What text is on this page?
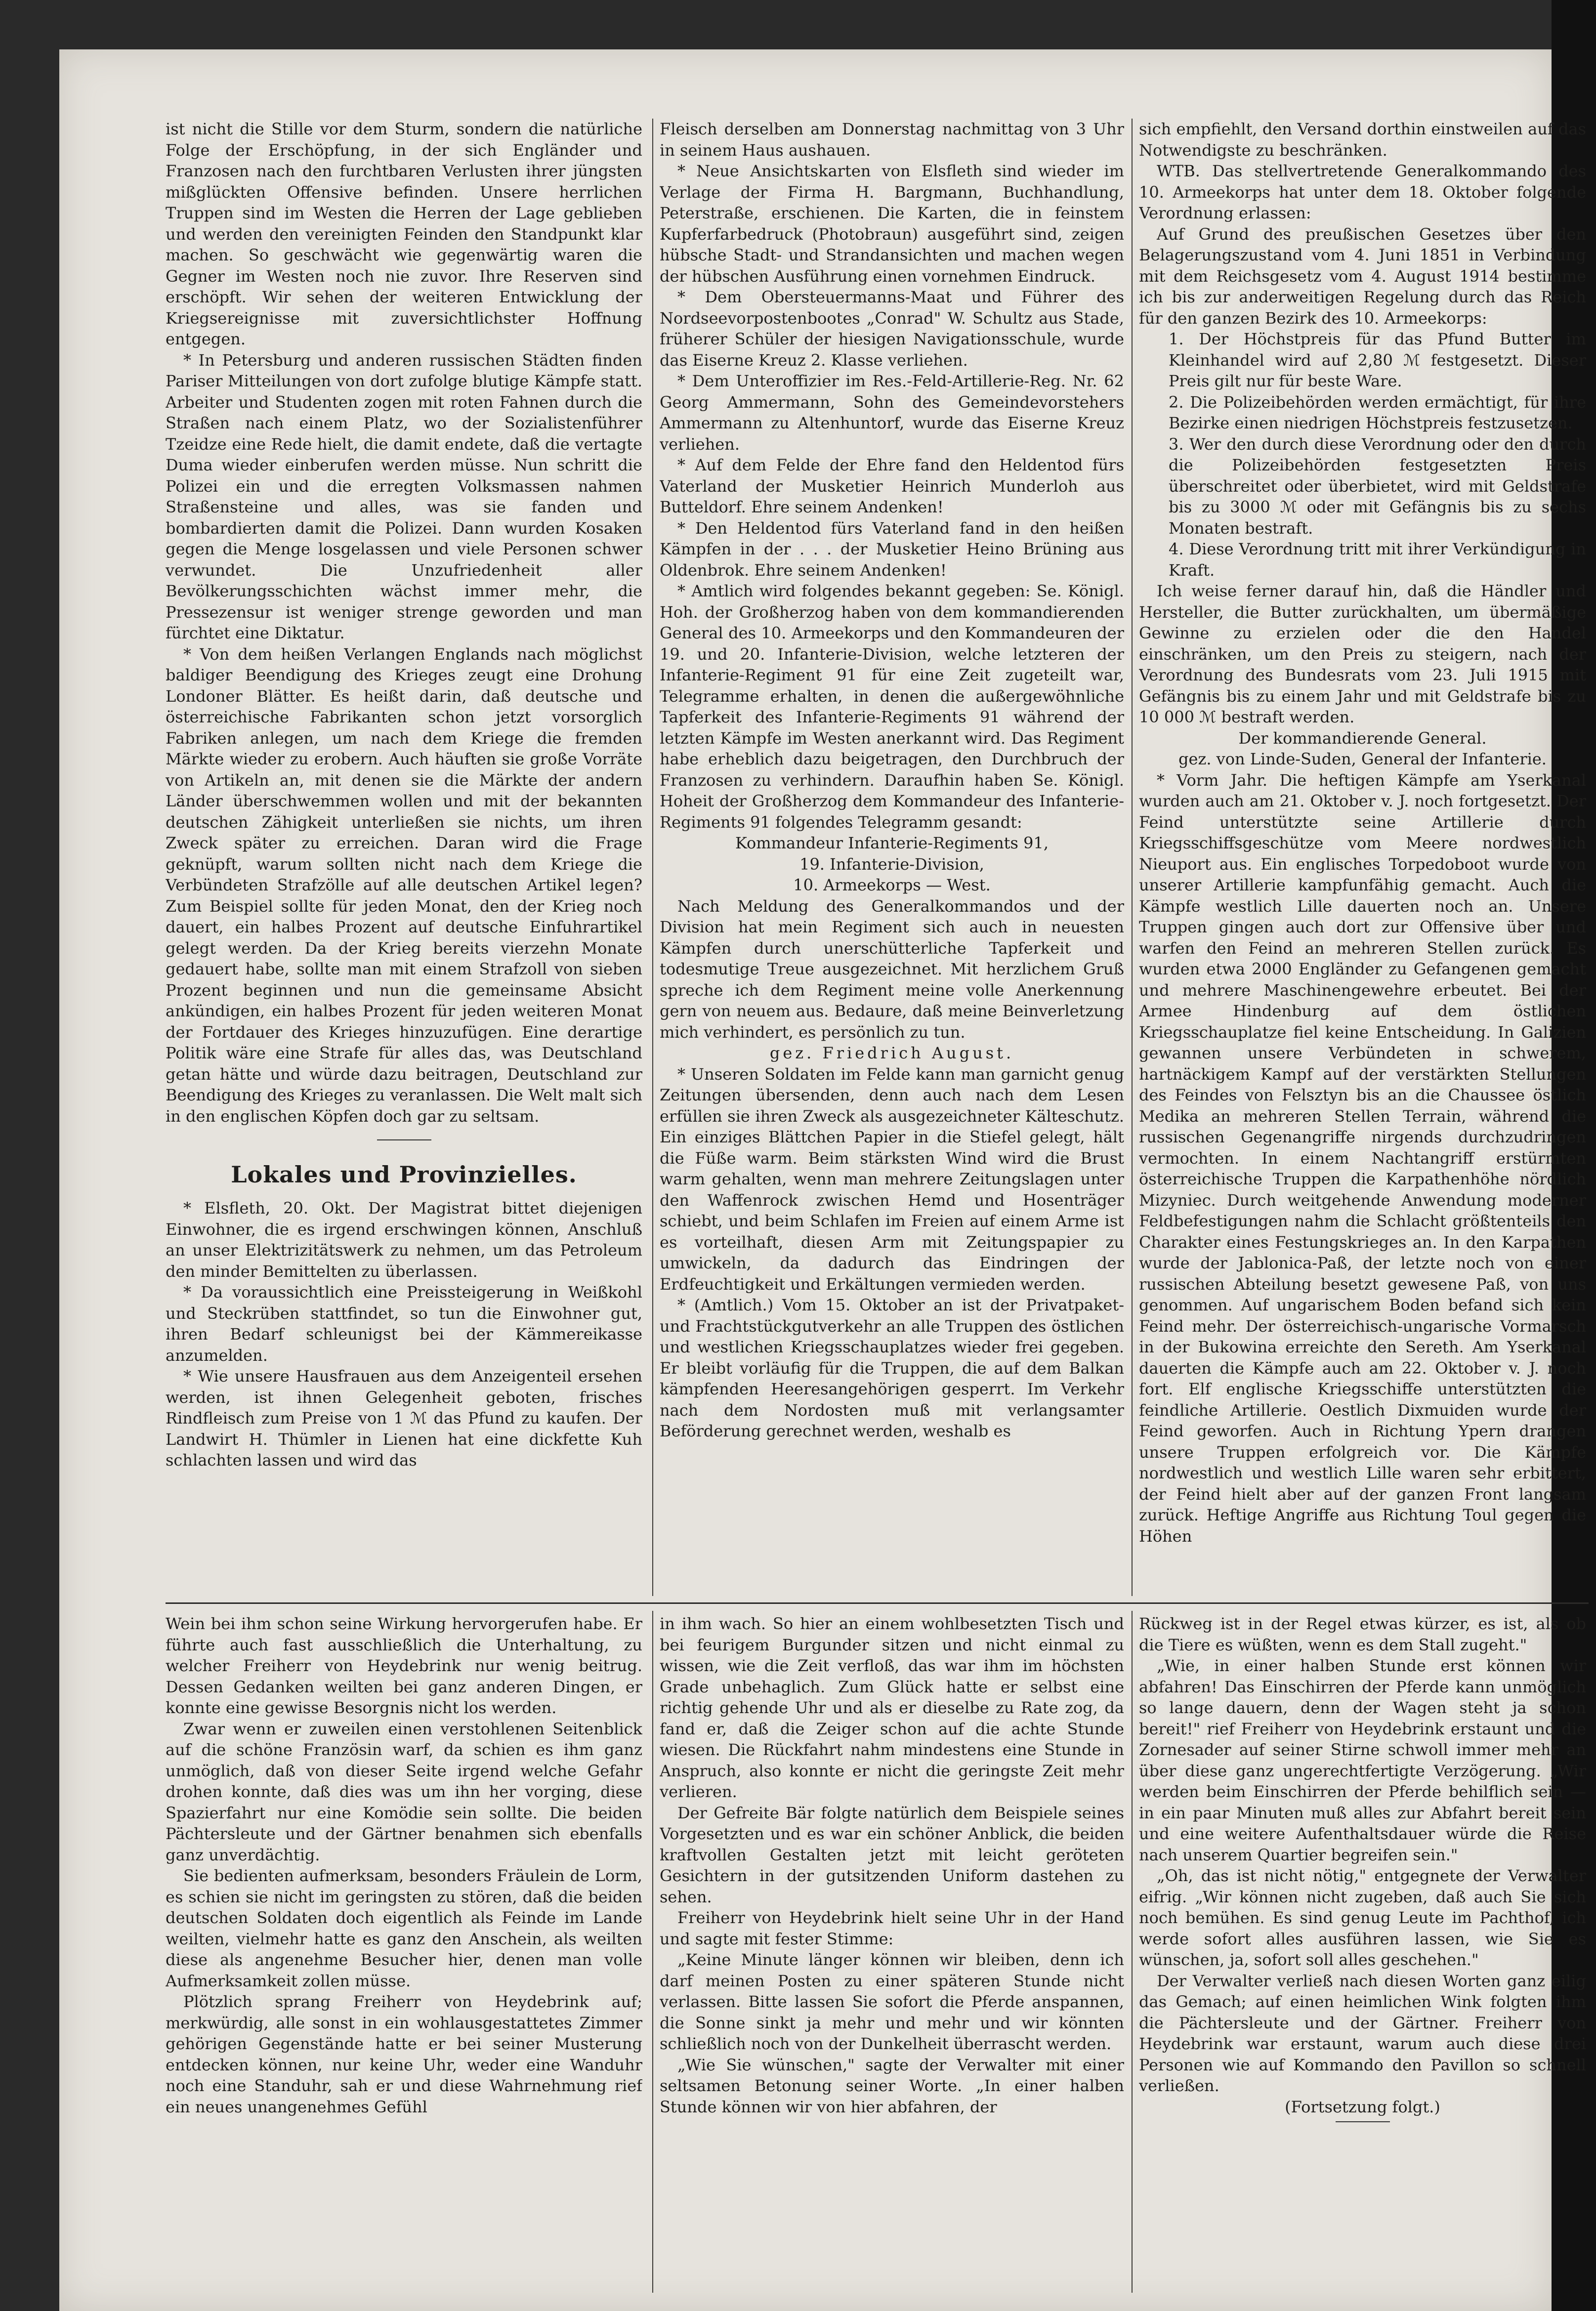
ist nicht die Stille vor dem Sturm, sondern die natürliche Folge der Erschöpfung, in der sich Engländer und Franzosen nach den furchtbaren Verlusten ihrer jüngsten mißglückten Offensive befinden. Unsere herrlichen Truppen sind im Westen die Herren der Lage geblieben und werden den vereinigten Feinden den Standpunkt klar machen. So geschwächt wie gegenwärtig waren die Gegner im Westen noch nie zuvor. Ihre Reserven sind erschöpft. Wir sehen der weiteren Entwicklung der Kriegsereignisse mit zuversichtlichster Hoffnung entgegen.

* In Petersburg und anderen russischen Städten finden Pariser Mitteilungen von dort zufolge blutige Kämpfe statt. Arbeiter und Studenten zogen mit roten Fahnen durch die Straßen nach einem Platz, wo der Sozialistenführer Tzeidze eine Rede hielt, die damit endete, daß die vertagte Duma wieder einberufen werden müsse. Nun schritt die Polizei ein und die erregten Volksmassen nahmen Straßensteine und alles, was sie fanden und bombardierten damit die Polizei. Dann wurden Kosaken gegen die Menge losgelassen und viele Personen schwer verwundet. Die Unzufriedenheit aller Bevölkerungsschichten wächst immer mehr, die Pressezensur ist weniger strenge geworden und man fürchtet eine Diktatur.

* Von dem heißen Verlangen Englands nach möglichst baldiger Beendigung des Krieges zeugt eine Drohung Londoner Blätter. Es heißt darin, daß deutsche und österreichische Fabrikanten schon jetzt vorsorglich Fabriken anlegen, um nach dem Kriege die fremden Märkte wieder zu erobern. Auch häuften sie große Vorräte von Artikeln an, mit denen sie die Märkte der andern Länder überschwemmen wollen und mit der bekannten deutschen Zähigkeit unterließen sie nichts, um ihren Zweck später zu erreichen. Daran wird die Frage geknüpft, warum sollten nicht nach dem Kriege die Verbündeten Strafzölle auf alle deutschen Artikel legen? Zum Beispiel sollte für jeden Monat, den der Krieg noch dauert, ein halbes Prozent auf deutsche Einfuhrartikel gelegt werden. Da der Krieg bereits vierzehn Monate gedauert habe, sollte man mit einem Strafzoll von sieben Prozent beginnen und nun die gemeinsame Absicht ankündigen, ein halbes Prozent für jeden weiteren Monat der Fortdauer des Krieges hinzuzufügen. Eine derartige Politik wäre eine Strafe für alles das, was Deutschland getan hätte und würde dazu beitragen, Deutschland zur Beendigung des Krieges zu veranlassen. Die Welt malt sich in den englischen Köpfen doch gar zu seltsam.

Lokales und Provinzielles.

* Elsfleth, 20. Okt. Der Magistrat bittet diejenigen Einwohner, die es irgend erschwingen können, Anschluß an unser Elektrizitätswerk zu nehmen, um das Petroleum den minder Bemittelten zu überlassen.

* Da voraussichtlich eine Preissteigerung in Weißkohl und Steckrüben stattfindet, so tun die Einwohner gut, ihren Bedarf schleunigst bei der Kämmereikasse anzumelden.

* Wie unsere Hausfrauen aus dem Anzeigenteil ersehen werden, ist ihnen Gelegenheit geboten, frisches Rindfleisch zum Preise von 1 ℳ das Pfund zu kaufen. Der Landwirt H. Thümler in Lienen hat eine dickfette Kuh schlachten lassen und wird das

Fleisch derselben am Donnerstag nachmittag von 3 Uhr in seinem Haus aushauen.

* Neue Ansichtskarten von Elsfleth sind wieder im Verlage der Firma H. Bargmann, Buchhandlung, Peterstraße, erschienen. Die Karten, die in feinstem Kupferfarbedruck (Photobraun) ausgeführt sind, zeigen hübsche Stadt- und Strandansichten und machen wegen der hübschen Ausführung einen vornehmen Eindruck.

* Dem Obersteuermanns-Maat und Führer des Nordseevorpostenbootes „Conrad" W. Schultz aus Stade, früherer Schüler der hiesigen Navigationsschule, wurde das Eiserne Kreuz 2. Klasse verliehen.

* Dem Unteroffizier im Res.-Feld-Artillerie-Reg. Nr. 62 Georg Ammermann, Sohn des Gemeindevorstehers Ammermann zu Altenhuntorf, wurde das Eiserne Kreuz verliehen.

* Auf dem Felde der Ehre fand den Heldentod fürs Vaterland der Musketier Heinrich Munderloh aus Butteldorf. Ehre seinem Andenken!

* Den Heldentod fürs Vaterland fand in den heißen Kämpfen in der . . . der Musketier Heino Brüning aus Oldenbrok. Ehre seinem Andenken!

* Amtlich wird folgendes bekannt gegeben: Se. Königl. Hoh. der Großherzog haben von dem kommandierenden General des 10. Armeekorps und den Kommandeuren der 19. und 20. Infanterie-Division, welche letzteren der Infanterie-Regiment 91 für eine Zeit zugeteilt war, Telegramme erhalten, in denen die außergewöhnliche Tapferkeit des Infanterie-Regiments 91 während der letzten Kämpfe im Westen anerkannt wird. Das Regiment habe erheblich dazu beigetragen, den Durchbruch der Franzosen zu verhindern. Daraufhin haben Se. Königl. Hoheit der Großherzog dem Kommandeur des Infanterie-Regiments 91 folgendes Telegramm gesandt:

Kommandeur Infanterie-Regiments 91,

19. Infanterie-Division,

10. Armeekorps — West.

Nach Meldung des Generalkommandos und der Division hat mein Regiment sich auch in neuesten Kämpfen durch unerschütterliche Tapferkeit und todesmutige Treue ausgezeichnet. Mit herzlichem Gruß spreche ich dem Regiment meine volle Anerkennung gern von neuem aus. Bedaure, daß meine Beinverletzung mich verhindert, es persönlich zu tun.

gez. Friedrich August.

* Unseren Soldaten im Felde kann man garnicht genug Zeitungen übersenden, denn auch nach dem Lesen erfüllen sie ihren Zweck als ausgezeichneter Kälteschutz. Ein einziges Blättchen Papier in die Stiefel gelegt, hält die Füße warm. Beim stärksten Wind wird die Brust warm gehalten, wenn man mehrere Zeitungslagen unter den Waffenrock zwischen Hemd und Hosenträger schiebt, und beim Schlafen im Freien auf einem Arme ist es vorteilhaft, diesen Arm mit Zeitungspapier zu umwickeln, da dadurch das Eindringen der Erdfeuchtigkeit und Erkältungen vermieden werden.

* (Amtlich.) Vom 15. Oktober an ist der Privatpaket- und Frachtstückgutverkehr an alle Truppen des östlichen und westlichen Kriegsschauplatzes wieder frei gegeben. Er bleibt vorläufig für die Truppen, die auf dem Balkan kämpfenden Heeresangehörigen gesperrt. Im Verkehr nach dem Nordosten muß mit verlangsamter Beförderung gerechnet werden, weshalb es

sich empfiehlt, den Versand dorthin einstweilen auf das Notwendigste zu beschränken.

WTB. Das stellvertretende Generalkommando des 10. Armeekorps hat unter dem 18. Oktober folgende Verordnung erlassen:

Auf Grund des preußischen Gesetzes über den Belagerungszustand vom 4. Juni 1851 in Verbindung mit dem Reichsgesetz vom 4. August 1914 bestimme ich bis zur anderweitigen Regelung durch das Reich für den ganzen Bezirk des 10. Armeekorps:

1. Der Höchstpreis für das Pfund Butter im Kleinhandel wird auf 2,80 ℳ festgesetzt. Dieser Preis gilt nur für beste Ware.

2. Die Polizeibehörden werden ermächtigt, für ihre Bezirke einen niedrigen Höchstpreis festzusetzen.

3. Wer den durch diese Verordnung oder den durch die Polizeibehörden festgesetzten Preis überschreitet oder überbietet, wird mit Geldstrafe bis zu 3000 ℳ oder mit Gefängnis bis zu sechs Monaten bestraft.

4. Diese Verordnung tritt mit ihrer Verkündigung in Kraft.

Ich weise ferner darauf hin, daß die Händler und Hersteller, die Butter zurückhalten, um übermäßige Gewinne zu erzielen oder die den Handel einschränken, um den Preis zu steigern, nach der Verordnung des Bundesrats vom 23. Juli 1915 mit Gefängnis bis zu einem Jahr und mit Geldstrafe bis zu 10 000 ℳ bestraft werden.

Der kommandierende General.

gez. von Linde-Suden, General der Infanterie.

* Vorm Jahr. Die heftigen Kämpfe am Yserkanal wurden auch am 21. Oktober v. J. noch fortgesetzt. Der Feind unterstützte seine Artillerie durch Kriegsschiffsgeschütze vom Meere nordwestlich Nieuport aus. Ein englisches Torpedoboot wurde von unserer Artillerie kampfunfähig gemacht. Auch die Kämpfe westlich Lille dauerten noch an. Unsere Truppen gingen auch dort zur Offensive über und warfen den Feind an mehreren Stellen zurück. Es wurden etwa 2000 Engländer zu Gefangenen gemacht und mehrere Maschinengewehre erbeutet. Bei der Armee Hindenburg auf dem östlichen Kriegsschauplatze fiel keine Entscheidung. In Galizien gewannen unsere Verbündeten in schwerem, hartnäckigem Kampf auf der verstärkten Stellungen des Feindes von Felsztyn bis an die Chaussee östlich Medika an mehreren Stellen Terrain, während die russischen Gegenangriffe nirgends durchzudringen vermochten. In einem Nachtangriff erstürmten österreichische Truppen die Karpathenhöhe nördlich Mizyniec. Durch weitgehende Anwendung moderner Feldbefestigungen nahm die Schlacht größtenteils den Charakter eines Festungskrieges an. In den Karpathen wurde der Jablonica-Paß, der letzte noch von einer russischen Abteilung besetzt gewesene Paß, von uns genommen. Auf ungarischem Boden befand sich kein Feind mehr. Der österreichisch-ungarische Vormarsch in der Bukowina erreichte den Sereth. Am Yserkanal dauerten die Kämpfe auch am 22. Oktober v. J. noch fort. Elf englische Kriegsschiffe unterstützten die feindliche Artillerie. Oestlich Dixmuiden wurde der Feind geworfen. Auch in Richtung Ypern drangen unsere Truppen erfolgreich vor. Die Kämpfe nordwestlich und westlich Lille waren sehr erbittert, der Feind hielt aber auf der ganzen Front langsam zurück. Heftige Angriffe aus Richtung Toul gegen die Höhen

Wein bei ihm schon seine Wirkung hervorgerufen habe. Er führte auch fast ausschließlich die Unterhaltung, zu welcher Freiherr von Heydebrink nur wenig beitrug. Dessen Gedanken weilten bei ganz anderen Dingen, er konnte eine gewisse Besorgnis nicht los werden.

Zwar wenn er zuweilen einen verstohlenen Seitenblick auf die schöne Französin warf, da schien es ihm ganz unmöglich, daß von dieser Seite irgend welche Gefahr drohen konnte, daß dies was um ihn her vorging, diese Spazierfahrt nur eine Komödie sein sollte. Die beiden Pächtersleute und der Gärtner benahmen sich ebenfalls ganz unverdächtig.

Sie bedienten aufmerksam, besonders Fräulein de Lorm, es schien sie nicht im geringsten zu stören, daß die beiden deutschen Soldaten doch eigentlich als Feinde im Lande weilten, vielmehr hatte es ganz den Anschein, als weilten diese als angenehme Besucher hier, denen man volle Aufmerksamkeit zollen müsse.

Plötzlich sprang Freiherr von Heydebrink auf; merkwürdig, alle sonst in ein wohlausgestattetes Zimmer gehörigen Gegenstände hatte er bei seiner Musterung entdecken können, nur keine Uhr, weder eine Wanduhr noch eine Standuhr, sah er und diese Wahrnehmung rief ein neues unangenehmes Gefühl

in ihm wach. So hier an einem wohlbesetzten Tisch und bei feurigem Burgunder sitzen und nicht einmal zu wissen, wie die Zeit verfloß, das war ihm im höchsten Grade unbehaglich. Zum Glück hatte er selbst eine richtig gehende Uhr und als er dieselbe zu Rate zog, da fand er, daß die Zeiger schon auf die achte Stunde wiesen. Die Rückfahrt nahm mindestens eine Stunde in Anspruch, also konnte er nicht die geringste Zeit mehr verlieren.

Der Gefreite Bär folgte natürlich dem Beispiele seines Vorgesetzten und es war ein schöner Anblick, die beiden kraftvollen Gestalten jetzt mit leicht geröteten Gesichtern in der gutsitzenden Uniform dastehen zu sehen.

Freiherr von Heydebrink hielt seine Uhr in der Hand und sagte mit fester Stimme:

„Keine Minute länger können wir bleiben, denn ich darf meinen Posten zu einer späteren Stunde nicht verlassen. Bitte lassen Sie sofort die Pferde anspannen, die Sonne sinkt ja mehr und mehr und wir könnten schließlich noch von der Dunkelheit überrascht werden.

„Wie Sie wünschen," sagte der Verwalter mit einer seltsamen Betonung seiner Worte. „In einer halben Stunde können wir von hier abfahren, der

Rückweg ist in der Regel etwas kürzer, es ist, als ob die Tiere es wüßten, wenn es dem Stall zugeht."

„Wie, in einer halben Stunde erst können wir abfahren! Das Einschirren der Pferde kann unmöglich so lange dauern, denn der Wagen steht ja schon bereit!" rief Freiherr von Heydebrink erstaunt und die Zornesader auf seiner Stirne schwoll immer mehr an über diese ganz ungerechtfertigte Verzögerung. „Wir werden beim Einschirren der Pferde behilflich sein — in ein paar Minuten muß alles zur Abfahrt bereit sein und eine weitere Aufenthaltsdauer würde die Reise nach unserem Quartier begreifen sein."

„Oh, das ist nicht nötig," entgegnete der Verwalter eifrig. „Wir können nicht zugeben, daß auch Sie sich noch bemühen. Es sind genug Leute im Pachthof, ich werde sofort alles ausführen lassen, wie Sie es wünschen, ja, sofort soll alles geschehen."

Der Verwalter verließ nach diesen Worten ganz eilig das Gemach; auf einen heimlichen Wink folgten ihm die Pächtersleute und der Gärtner. Freiherr von Heydebrink war erstaunt, warum auch diese drei Personen wie auf Kommando den Pavillon so schnell verließen.

(Fortsetzung folgt.)
